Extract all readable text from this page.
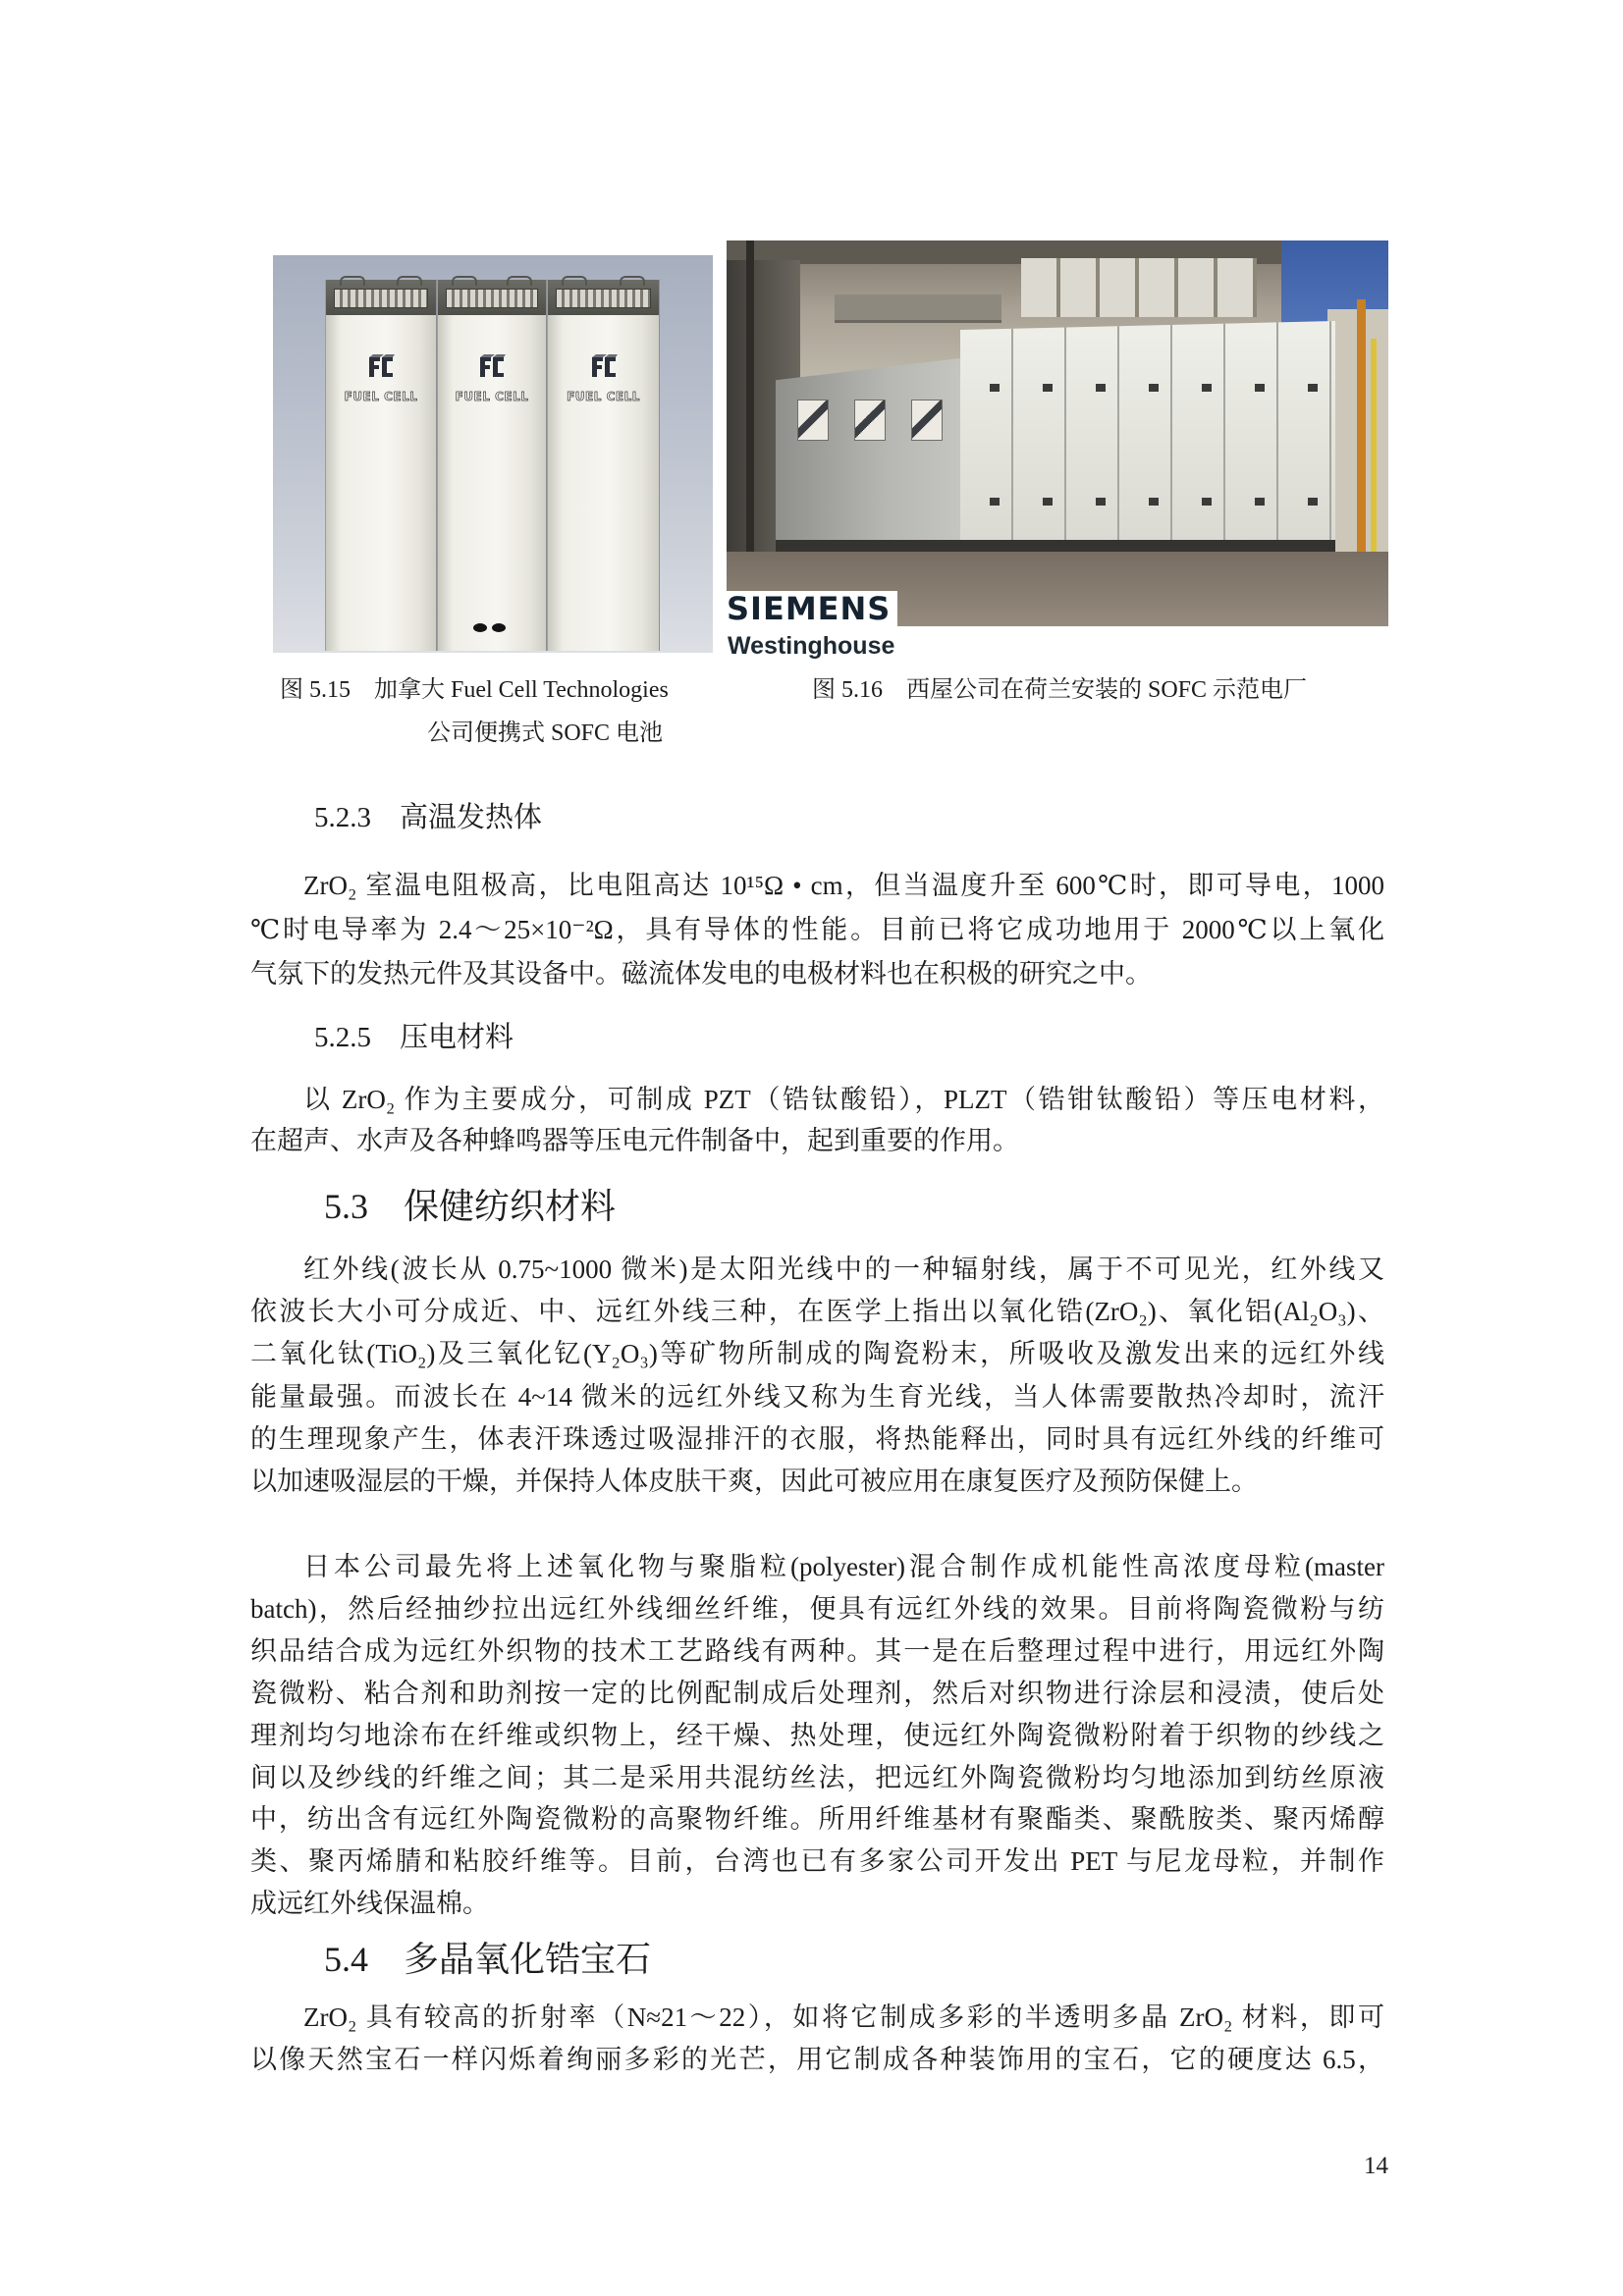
FUEL CELL	FUEL CELL	FUEL CELL
SIEMENS
Westinghouse
图 5.15　加拿大 Fuel Cell Technologies
公司便携式 SOFC 电池
图 5.16　西屋公司在荷兰安装的 SOFC 示范电厂
5.2.3　高温发热体
ZrO₂ 室温电阻极高，比电阻高达 10¹⁵Ω • cm，但当温度升至 600℃时，即可导电，1000
℃时电导率为 2.4～25×10⁻²Ω，具有导体的性能。目前已将它成功地用于 2000℃以上氧化
气氛下的发热元件及其设备中。磁流体发电的电极材料也在积极的研究之中。
5.2.5　压电材料
以 ZrO₂ 作为主要成分，可制成 PZT（锆钛酸铅），PLZT（锆钳钛酸铅）等压电材料，
在超声、水声及各种蜂鸣器等压电元件制备中，起到重要的作用。
5.3　保健纺织材料
红外线(波长从 0.75~1000 微米)是太阳光线中的一种辐射线，属于不可见光，红外线又
依波长大小可分成近、中、远红外线三种，在医学上指出以氧化锆(ZrO₂)、氧化铝(Al₂O₃)、
二氧化钛(TiO₂)及三氧化钇(Y₂O₃)等矿物所制成的陶瓷粉末，所吸收及激发出来的远红外线
能量最强。而波长在 4~14 微米的远红外线又称为生育光线，当人体需要散热冷却时，流汗
的生理现象产生，体表汗珠透过吸湿排汗的衣服，将热能释出，同时具有远红外线的纤维可
以加速吸湿层的干燥，并保持人体皮肤干爽，因此可被应用在康复医疗及预防保健上。
日本公司最先将上述氧化物与聚脂粒(polyester)混合制作成机能性高浓度母粒(master
batch)，然后经抽纱拉出远红外线细丝纤维，便具有远红外线的效果。目前将陶瓷微粉与纺
织品结合成为远红外织物的技术工艺路线有两种。其一是在后整理过程中进行，用远红外陶
瓷微粉、粘合剂和助剂按一定的比例配制成后处理剂，然后对织物进行涂层和浸渍，使后处
理剂均匀地涂布在纤维或织物上，经干燥、热处理，使远红外陶瓷微粉附着于织物的纱线之
间以及纱线的纤维之间；其二是采用共混纺丝法，把远红外陶瓷微粉均匀地添加到纺丝原液
中，纺出含有远红外陶瓷微粉的高聚物纤维。所用纤维基材有聚酯类、聚酰胺类、聚丙烯醇
类、聚丙烯腈和粘胶纤维等。目前，台湾也已有多家公司开发出 PET 与尼龙母粒，并制作
成远红外线保温棉。
5.4　多晶氧化锆宝石
ZrO₂ 具有较高的折射率（N≈21～22），如将它制成多彩的半透明多晶 ZrO₂ 材料，即可
以像天然宝石一样闪烁着绚丽多彩的光芒，用它制成各种装饰用的宝石，它的硬度达 6.5，
14
